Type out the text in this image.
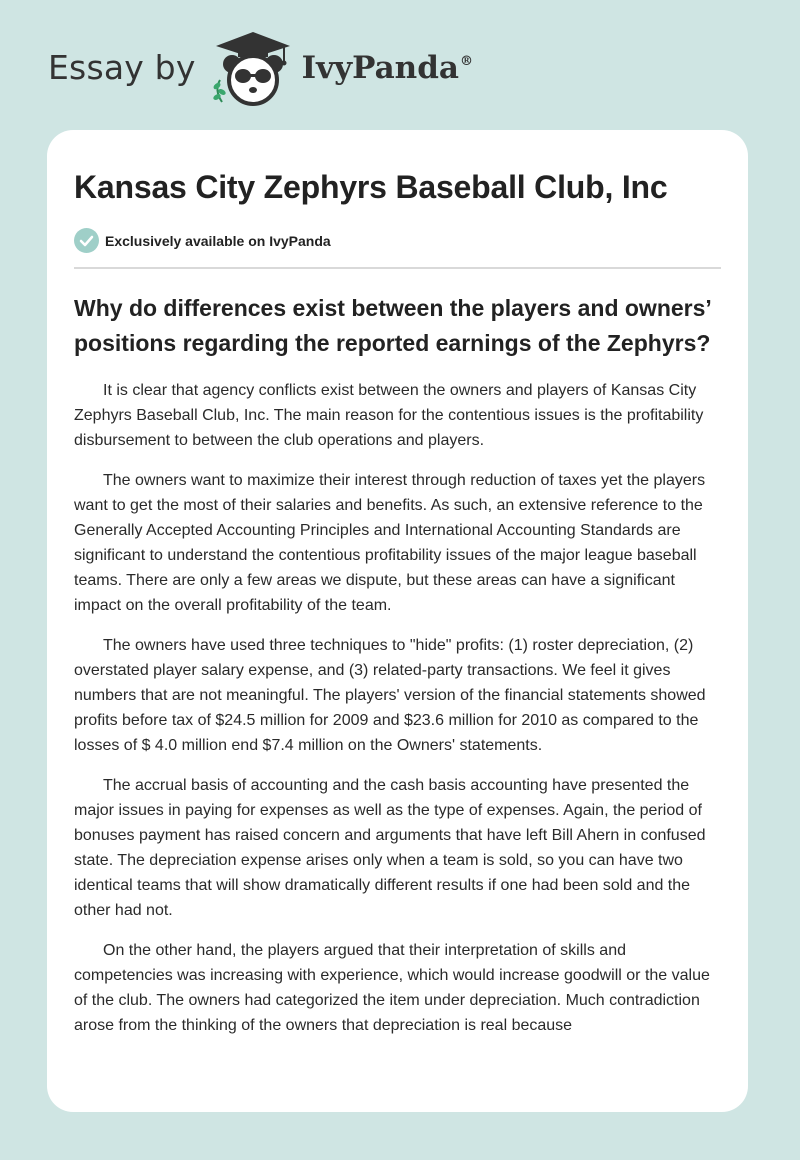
Essay by	IvyPanda®
Kansas City Zephyrs Baseball Club, Inc
Exclusively available on IvyPanda
Why do differences exist between the players and owners’ positions regarding the reported earnings of the Zephyrs?

It is clear that agency conflicts exist between the owners and players of Kansas City Zephyrs Baseball Club, Inc. The main reason for the contentious issues is the profitability disbursement to between the club operations and players.

The owners want to maximize their interest through reduction of taxes yet the players want to get the most of their salaries and benefits. As such, an extensive reference to the Generally Accepted Accounting Principles and International Accounting Standards are significant to understand the contentious profitability issues of the major league baseball teams. There are only a few areas we dispute, but these areas can have a significant impact on the overall profitability of the team.

The owners have used three techniques to "hide" profits: (1) roster depreciation, (2) overstated player salary expense, and (3) related-party transactions. We feel it gives numbers that are not meaningful. The players' version of the financial statements showed profits before tax of $24.5 million for 2009 and $23.6 million for 2010 as compared to the losses of $ 4.0 million end $7.4 million on the Owners' statements.

The accrual basis of accounting and the cash basis accounting have presented the major issues in paying for expenses as well as the type of expenses. Again, the period of bonuses payment has raised concern and arguments that have left Bill Ahern in confused state. The depreciation expense arises only when a team is sold, so you can have two identical teams that will show dramatically different results if one had been sold and the other had not.

On the other hand, the players argued that their interpretation of skills and competencies was increasing with experience, which would increase goodwill or the value of the club. The owners had categorized the item under depreciation. Much contradiction arose from the thinking of the owners that depreciation is real because
